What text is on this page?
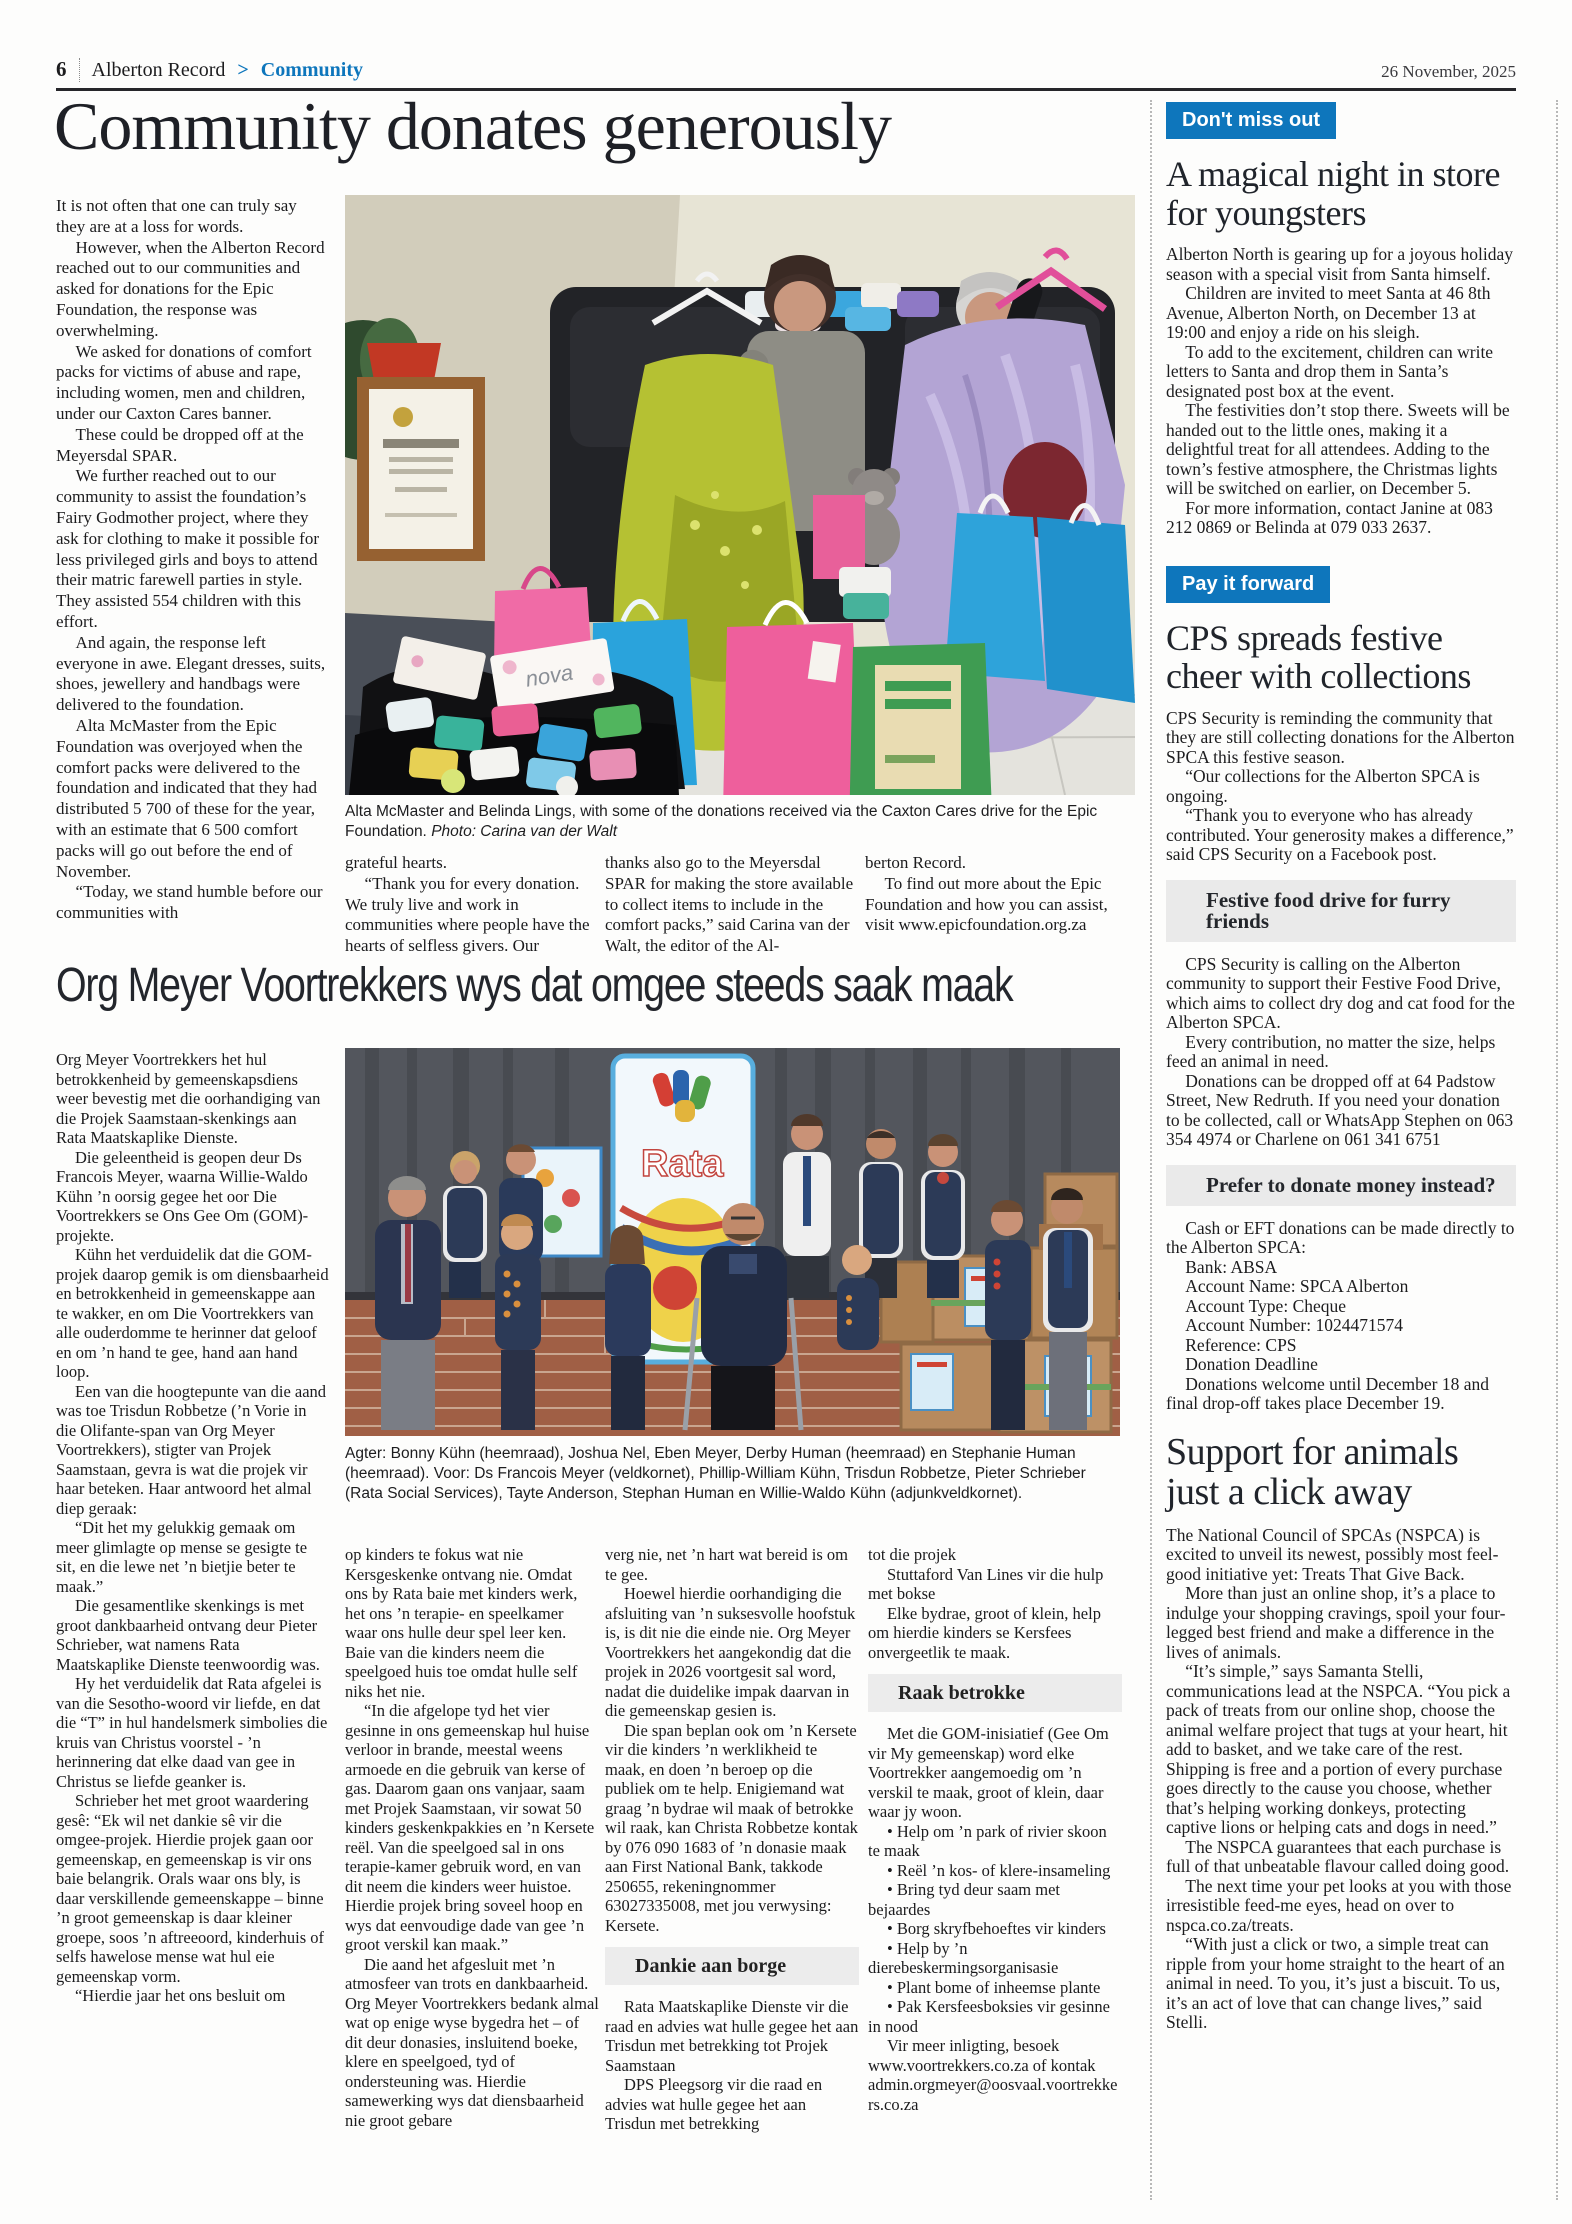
6 Alberton Record > Community	26 November, 2025
Community donates generously

It is not often that one can truly say they are at a loss for words.

However, when the Alberton Record reached out to our communities and asked for donations for the Epic Foundation, the response was overwhelming.

We asked for donations of comfort packs for victims of abuse and rape, including women, men and children, under our Caxton Cares banner.

These could be dropped off at the Meyersdal SPAR.

We further reached out to our community to assist the foundation’s Fairy Godmother project, where they ask for clothing to make it possible for less privileged girls and boys to attend their matric farewell parties in style. They assisted 554 children with this effort.

And again, the response left everyone in awe. Elegant dresses, suits, shoes, jewellery and handbags were delivered to the foundation.

Alta McMaster from the Epic Foundation was overjoyed when the comfort packs were delivered to the foundation and indicated that they had distributed 5 700 of these for the year, with an estimate that 6 500 comfort packs will go out before the end of November.

“Today, we stand humble before our communities with

nova
Alta McMaster and Belinda Lings, with some of the donations received via the Caxton Cares drive for the Epic Foundation. Photo: Carina van der Walt

grateful hearts.

“Thank you for every donation. We truly live and work in communities where people have the hearts of selfless givers. Our

thanks also go to the Meyersdal SPAR for making the store available to collect items to include in the comfort packs,” said Carina van der Walt, the editor of the Al-

berton Record.

To find out more about the Epic Foundation and how you can assist, visit www.epicfoundation.org.za

Org Meyer Voortrekkers wys dat omgee steeds saak maak

Org Meyer Voortrekkers het hul betrokkenheid by gemeenskapsdiens weer bevestig met die oorhandiging van die Projek Saamstaan-skenkings aan Rata Maatskaplike Dienste.

Die geleentheid is geopen deur Ds Francois Meyer, waarna Willie-Waldo Kühn ’n oorsig gegee het oor Die Voortrekkers se Ons Gee Om (GOM)-projekte.

Kühn het verduidelik dat die GOM-projek daarop gemik is om diensbaarheid en betrokkenheid in gemeenskappe aan te wakker, en om Die Voortrekkers van alle ouderdomme te herinner dat geloof en om ’n hand te gee, hand aan hand loop.

Een van die hoogtepunte van die aand was toe Trisdun Robbetze (’n Vorie in die Olifante-span van Org Meyer Voortrekkers), stigter van Projek Saamstaan, gevra is wat die projek vir haar beteken. Haar antwoord het almal diep geraak:

“Dit het my gelukkig gemaak om meer glimlagte op mense se gesigte te sit, en die lewe net ’n bietjie beter te maak.”

Die gesamentlike skenkings is met groot dankbaarheid ontvang deur Pieter Schrieber, wat namens Rata Maatskaplike Dienste teenwoordig was.

Hy het verduidelik dat Rata afgelei is van die Sesotho-woord vir liefde, en dat die “T” in hul handelsmerk simbolies die kruis van Christus voorstel - ’n herinnering dat elke daad van gee in Christus se liefde geanker is.

Schrieber het met groot waardering gesê: “Ek wil net dankie sê vir die omgee-projek. Hierdie projek gaan oor gemeenskap, en gemeenskap is vir ons baie belangrik. Orals waar ons bly, is daar verskillende gemeenskappe – binne ’n groot gemeenskap is daar kleiner groepe, soos ’n aftreeoord, kinderhuis of selfs hawelose mense wat hul eie gemeenskap vorm.

“Hierdie jaar het ons besluit om

Rata
Agter: Bonny Kühn (heemraad), Joshua Nel, Eben Meyer, Derby Human (heemraad) en Stephanie Human (heemraad). Voor: Ds Francois Meyer (veldkornet), Phillip-William Kühn, Trisdun Robbetze, Pieter Schrieber (Rata Social Services), Tayte Anderson, Stephan Human en Willie-Waldo Kühn (adjunkveldkornet).

op kinders te fokus wat nie Kersgeskenke ontvang nie. Omdat ons by Rata baie met kinders werk, het ons ’n terapie- en speelkamer waar ons hulle deur spel leer ken. Baie van die kinders neem die speelgoed huis toe omdat hulle self niks het nie.

“In die afgelope tyd het vier gesinne in ons gemeenskap hul huise verloor in brande, meestal weens armoede en die gebruik van kerse of gas. Daarom gaan ons vanjaar, saam met Projek Saamstaan, vir sowat 50 kinders geskenkpakkies en ’n Kersete reël. Van die speelgoed sal in ons terapie-kamer gebruik word, en van dit neem die kinders weer huistoe. Hierdie projek bring soveel hoop en wys dat eenvoudige dade van gee ’n groot verskil kan maak.”

Die aand het afgesluit met ’n atmosfeer van trots en dankbaarheid. Org Meyer Voortrekkers bedank almal wat op enige wyse bygedra het – of dit deur donasies, insluitend boeke, klere en speelgoed, tyd of ondersteuning was. Hierdie samewerking wys dat diensbaarheid nie groot gebare

verg nie, net ’n hart wat bereid is om te gee.

Hoewel hierdie oorhandiging die afsluiting van ’n suksesvolle hoofstuk is, is dit nie die einde nie. Org Meyer Voortrekkers het aangekondig dat die projek in 2026 voortgesit sal word, nadat die duidelike impak daarvan in die gemeenskap gesien is.

Die span beplan ook om ’n Kersete vir die kinders ’n werklikheid te maak, en doen ’n beroep op die publiek om te help. Enigiemand wat graag ’n bydrae wil maak of betrokke wil raak, kan Christa Robbetze kontak by 076 090 1683 of ’n donasie maak aan First National Bank, takkode 250655, rekeningnommer 63027335008, met jou verwysing: Kersete.

Dankie aan borge

Rata Maatskaplike Dienste vir die raad en advies wat hulle gegee het aan Trisdun met betrekking tot Projek Saamstaan

DPS Pleegsorg vir die raad en advies wat hulle gegee het aan Trisdun met betrekking

tot die projek

Stuttaford Van Lines vir die hulp met bokse

Elke bydrae, groot of klein, help om hierdie kinders se Kersfees onvergeetlik te maak.

Raak betrokke

Met die GOM-inisiatief (Gee Om vir My gemeenskap) word elke Voortrekker aangemoedig om ’n verskil te maak, groot of klein, daar waar jy woon.

• Help om ’n park of rivier skoon te maak

• Reël ’n kos- of klere-insameling

• Bring tyd deur saam met bejaardes

• Borg skryfbehoeftes vir kinders

• Help by ’n dierebeskermingsorganisasie

• Plant bome of inheemse plante

• Pak Kersfeesboksies vir gesinne in nood

Vir meer inligting, besoek www.voortrekkers.co.za of kontak admin.orgmeyer@oosvaal.voortrekkers.co.za

Don't miss out
A magical night in store for youngsters

Alberton North is gearing up for a joyous holiday season with a special visit from Santa himself.

Children are invited to meet Santa at 46 8th Avenue, Alberton North, on December 13 at 19:00 and enjoy a ride on his sleigh.

To add to the excitement, children can write letters to Santa and drop them in Santa’s designated post box at the event.

The festivities don’t stop there. Sweets will be handed out to the little ones, making it a delightful treat for all attendees. Adding to the town’s festive atmosphere, the Christmas lights will be switched on earlier, on December 5.

For more information, contact Janine at 083 212 0869 or Belinda at 079 033 2637.

Pay it forward
CPS spreads festive cheer with collections

CPS Security is reminding the community that they are still collecting donations for the Alberton SPCA this festive season.

“Our collections for the Alberton SPCA is ongoing.

“Thank you to everyone who has already contributed. Your generosity makes a difference,” said CPS Security on a Facebook post.

Festive food drive for furry friends

CPS Security is calling on the Alberton community to support their Festive Food Drive, which aims to collect dry dog and cat food for the Alberton SPCA.

Every contribution, no matter the size, helps feed an animal in need.

Donations can be dropped off at 64 Padstow Street, New Redruth. If you need your donation to be collected, call or WhatsApp Stephen on 063 354 4974 or Charlene on 061 341 6751

Prefer to donate money instead?

Cash or EFT donations can be made directly to the Alberton SPCA:

Bank: ABSA

Account Name: SPCA Alberton

Account Type: Cheque

Account Number: 1024471574

Reference: CPS

Donation Deadline

Donations welcome until December 18 and final drop-off takes place December 19.

Support for animals just a click away

The National Council of SPCAs (NSPCA) is excited to unveil its newest, possibly most feel-good initiative yet: Treats That Give Back.

More than just an online shop, it’s a place to indulge your shopping cravings, spoil your four-legged best friend and make a difference in the lives of animals.

“It’s simple,” says Samanta Stelli, communications lead at the NSPCA. “You pick a pack of treats from our online shop, choose the animal welfare project that tugs at your heart, hit add to basket, and we take care of the rest. Shipping is free and a portion of every purchase goes directly to the cause you choose, whether that’s helping working donkeys, protecting captive lions or helping cats and dogs in need.”

The NSPCA guarantees that each purchase is full of that unbeatable flavour called doing good.

The next time your pet looks at you with those irresistible feed-me eyes, head on over to nspca.co.za/treats.

“With just a click or two, a simple treat can ripple from your home straight to the heart of an animal in need. To you, it’s just a biscuit. To us, it’s an act of love that can change lives,” said Stelli.
